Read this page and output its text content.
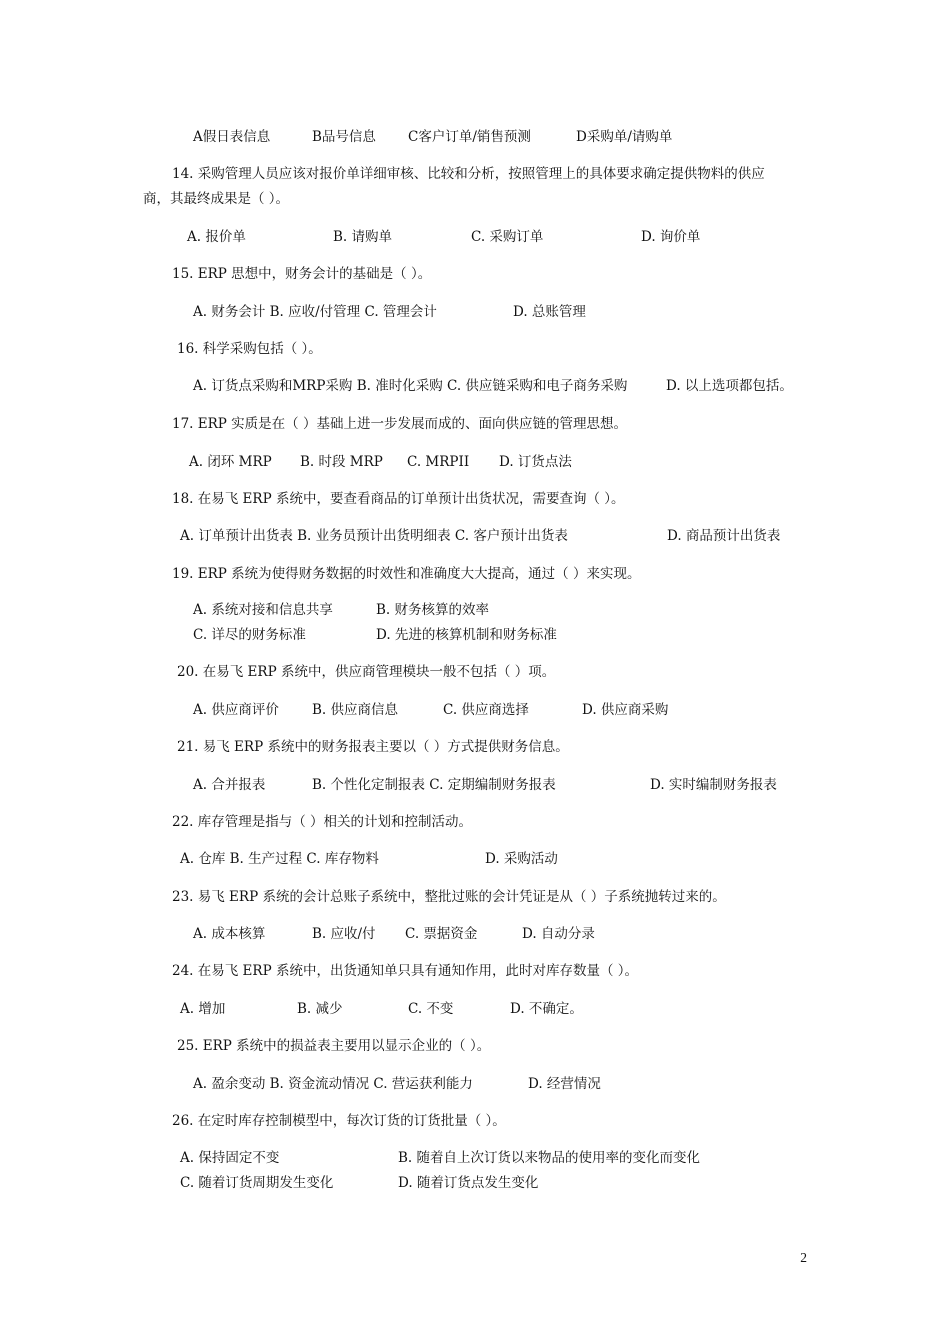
A假日表信息	B品号信息 C客户订单/销售预测	D采购单/请购单
14. 采购管理人员应该对报价单详细审核、比较和分析，按照管理上的具体要求确定提供物料的供应
商，其最终成果是（ ）。
A. 报价单	B. 请购单	C. 采购订单	D. 询价单
15. ERP 思想中，财务会计的基础是（ ）。
A. 财务会计 B. 应收/付管理 C. 管理会计	D. 总账管理
16. 科学采购包括（ ）。
A. 订货点采购和MRP采购 B. 准时化采购 C. 供应链采购和电子商务采购	D. 以上选项都包括。
17. ERP 实质是在（ ）基础上进一步发展而成的、面向供应链的管理思想。
A. 闭环 MRP B. 时段 MRP C. MRPII D. 订货点法
18. 在易飞 ERP 系统中，要查看商品的订单预计出货状况，需要查询（ ）。
A. 订单预计出货表 B. 业务员预计出货明细表 C. 客户预计出货表	D. 商品预计出货表
19. ERP 系统为使得财务数据的时效性和准确度大大提高，通过（ ）来实现。
A. 系统对接和信息共享	B. 财务核算的效率
C. 详尽的财务标准	D. 先进的核算机制和财务标准
20. 在易飞 ERP 系统中，供应商管理模块一般不包括（ ）项。
A. 供应商评价 B. 供应商信息	C. 供应商选择	D. 供应商采购
21. 易飞 ERP 系统中的财务报表主要以（ ）方式提供财务信息。
A. 合并报表	B. 个性化定制报表 C. 定期编制财务报表	D. 实时编制财务报表
22. 库存管理是指与（ ）相关的计划和控制活动。
A. 仓库 B. 生产过程 C. 库存物料	D. 采购活动
23. 易飞 ERP 系统的会计总账子系统中，整批过账的会计凭证是从（ ）子系统抛转过来的。
A. 成本核算	B. 应收/付 C. 票据资金	D. 自动分录
24. 在易飞 ERP 系统中，出货通知单只具有通知作用，此时对库存数量（ ）。
A. 增加	B. 减少	C. 不变	D. 不确定。
25. ERP 系统中的损益表主要用以显示企业的（ ）。
A. 盈余变动 B. 资金流动情况 C. 营运获利能力	D. 经营情况
26. 在定时库存控制模型中，每次订货的订货批量（ ）。
A. 保持固定不变	B. 随着自上次订货以来物品的使用率的变化而变化
C. 随着订货周期发生变化	D. 随着订货点发生变化
2
